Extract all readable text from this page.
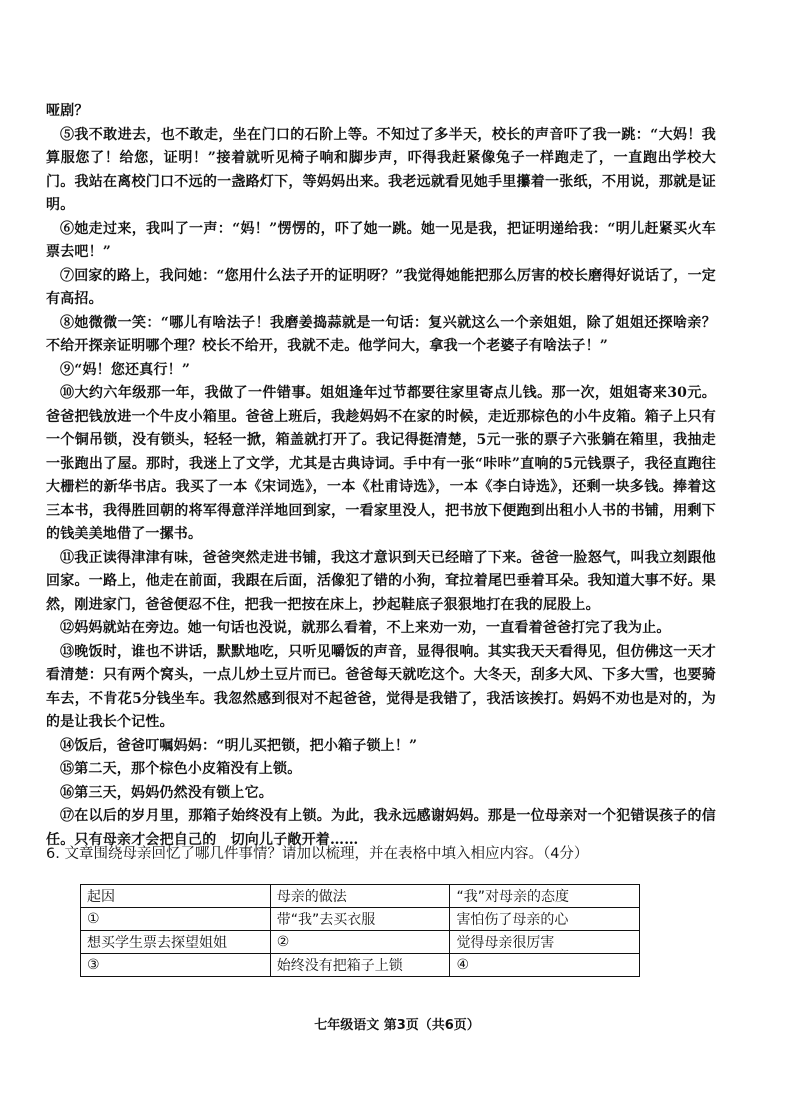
哑剧？

⑤我不敢进去，也不敢走，坐在门口的石阶上等。不知过了多半天，校长的声音吓了我一跳：“大妈！我算服您了！给您，证明！”接着就听见椅子响和脚步声，吓得我赶紧像兔子一样跑走了，一直跑出学校大门。我站在离校门口不远的一盏路灯下，等妈妈出来。我老远就看见她手里攥着一张纸，不用说，那就是证明。

⑥她走过来，我叫了一声：“妈！”愣愣的，吓了她一跳。她一见是我，把证明递给我：“明儿赶紧买火车票去吧！”

⑦回家的路上，我问她：“您用什么法子开的证明呀？”我觉得她能把那么厉害的校长磨得好说话了，一定有高招。

⑧她微微一笑：“哪儿有啥法子！我磨姜捣蒜就是一句话：复兴就这么一个亲姐姐，除了姐姐还探啥亲？不给开探亲证明哪个理？校长不给开，我就不走。他学问大，拿我一个老婆子有啥法子！”

⑨“妈！您还真行！”

⑩大约六年级那一年，我做了一件错事。姐姐逢年过节都要往家里寄点儿钱。那一次，姐姐寄来30元。爸爸把钱放进一个牛皮小箱里。爸爸上班后，我趁妈妈不在家的时候，走近那棕色的小牛皮箱。箱子上只有一个铜吊锁，没有锁头，轻轻一掀，箱盖就打开了。我记得挺清楚，5元一张的票子六张躺在箱里，我抽走一张跑出了屋。那时，我迷上了文学，尤其是古典诗词。手中有一张“咔咔”直响的5元钱票子，我径直跑往大栅栏的新华书店。我买了一本《宋词选》，一本《杜甫诗选》，一本《李白诗选》，还剩一块多钱。捧着这三本书，我得胜回朝的将军得意洋洋地回到家，一看家里没人，把书放下便跑到出租小人书的书铺，用剩下的钱美美地借了一摞书。

⑪我正读得津津有味，爸爸突然走进书铺，我这才意识到天已经暗了下来。爸爸一脸怒气，叫我立刻跟他回家。一路上，他走在前面，我跟在后面，活像犯了错的小狗，耷拉着尾巴垂着耳朵。我知道大事不好。果然，刚进家门，爸爸便忍不住，把我一把按在床上，抄起鞋底子狠狠地打在我的屁股上。

⑫妈妈就站在旁边。她一句话也没说，就那么看着，不上来劝一劝，一直看着爸爸打完了我为止。

⑬晚饭时，谁也不讲话，默默地吃，只听见嚼饭的声音，显得很响。其实我天天看得见，但仿佛这一天才看清楚：只有两个窝头，一点儿炒土豆片而已。爸爸每天就吃这个。大冬天，刮多大风、下多大雪，也要骑车去，不肯花5分钱坐车。我忽然感到很对不起爸爸，觉得是我错了，我活该挨打。妈妈不劝也是对的，为的是让我长个记性。

⑭饭后，爸爸叮嘱妈妈：“明儿买把锁，把小箱子锁上！”

⑮第二天，那个棕色小皮箱没有上锁。

⑯第三天，妈妈仍然没有锁上它。

⑰在以后的岁月里，那箱子始终没有上锁。为此，我永远感谢妈妈。那是一位母亲对一个犯错误孩子的信任。只有母亲才会把自己的　切向儿子敞开着……

6. 文章围绕母亲回忆了哪几件事情？请加以梳理，并在表格中填入相应内容。（4分）

起因	母亲的做法	“我”对母亲的态度
①	带“我”去买衣服	害怕伤了母亲的心
想买学生票去探望姐姐	②	觉得母亲很厉害
③	始终没有把箱子上锁	④
七年级语文 第3页（共6页）
